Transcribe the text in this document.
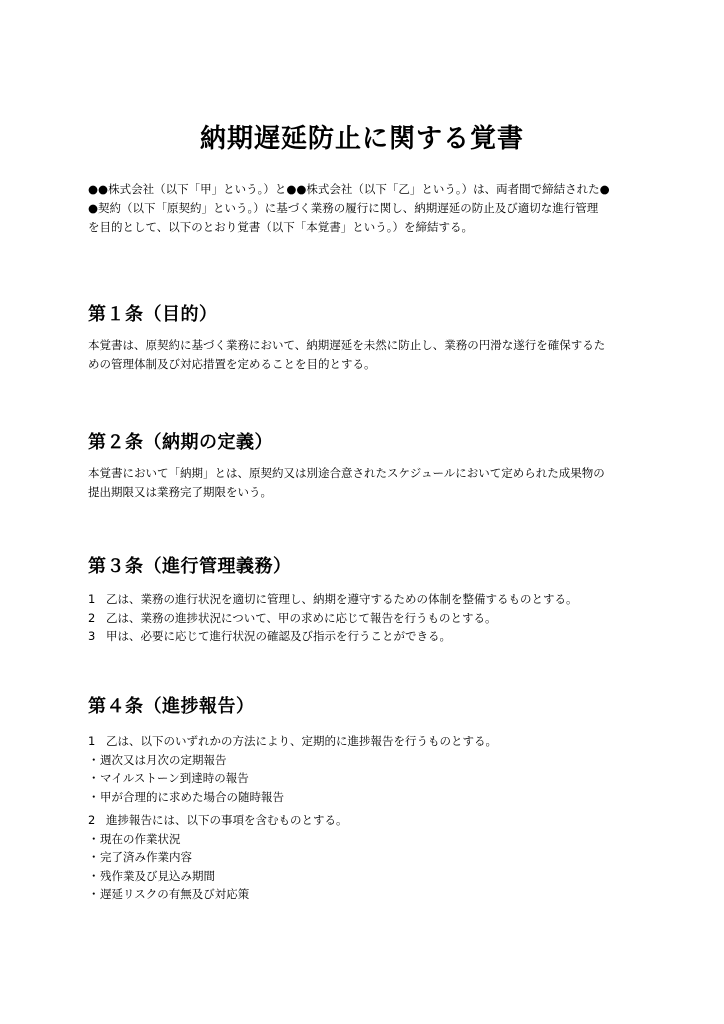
納期遅延防止に関する覚書
●●株式会社（以下「甲」という。）と●●株式会社（以下「乙」という。）は、両者間で締結された●
●契約（以下「原契約」という。）に基づく業務の履行に関し、納期遅延の防止及び適切な進行管理
を目的として、以下のとおり覚書（以下「本覚書」という。）を締結する。
第１条（目的）
本覚書は、原契約に基づく業務において、納期遅延を未然に防止し、業務の円滑な遂行を確保するた
めの管理体制及び対応措置を定めることを目的とする。
第２条（納期の定義）
本覚書において「納期」とは、原契約又は別途合意されたスケジュールにおいて定められた成果物の
提出期限又は業務完了期限をいう。
第３条（進行管理義務）
1 乙は、業務の進行状況を適切に管理し、納期を遵守するための体制を整備するものとする。
2 乙は、業務の進捗状況について、甲の求めに応じて報告を行うものとする。
3 甲は、必要に応じて進行状況の確認及び指示を行うことができる。
第４条（進捗報告）
1 乙は、以下のいずれかの方法により、定期的に進捗報告を行うものとする。
・週次又は月次の定期報告
・マイルストーン到達時の報告
・甲が合理的に求めた場合の随時報告
2 進捗報告には、以下の事項を含むものとする。
・現在の作業状況
・完了済み作業内容
・残作業及び見込み期間
・遅延リスクの有無及び対応策
